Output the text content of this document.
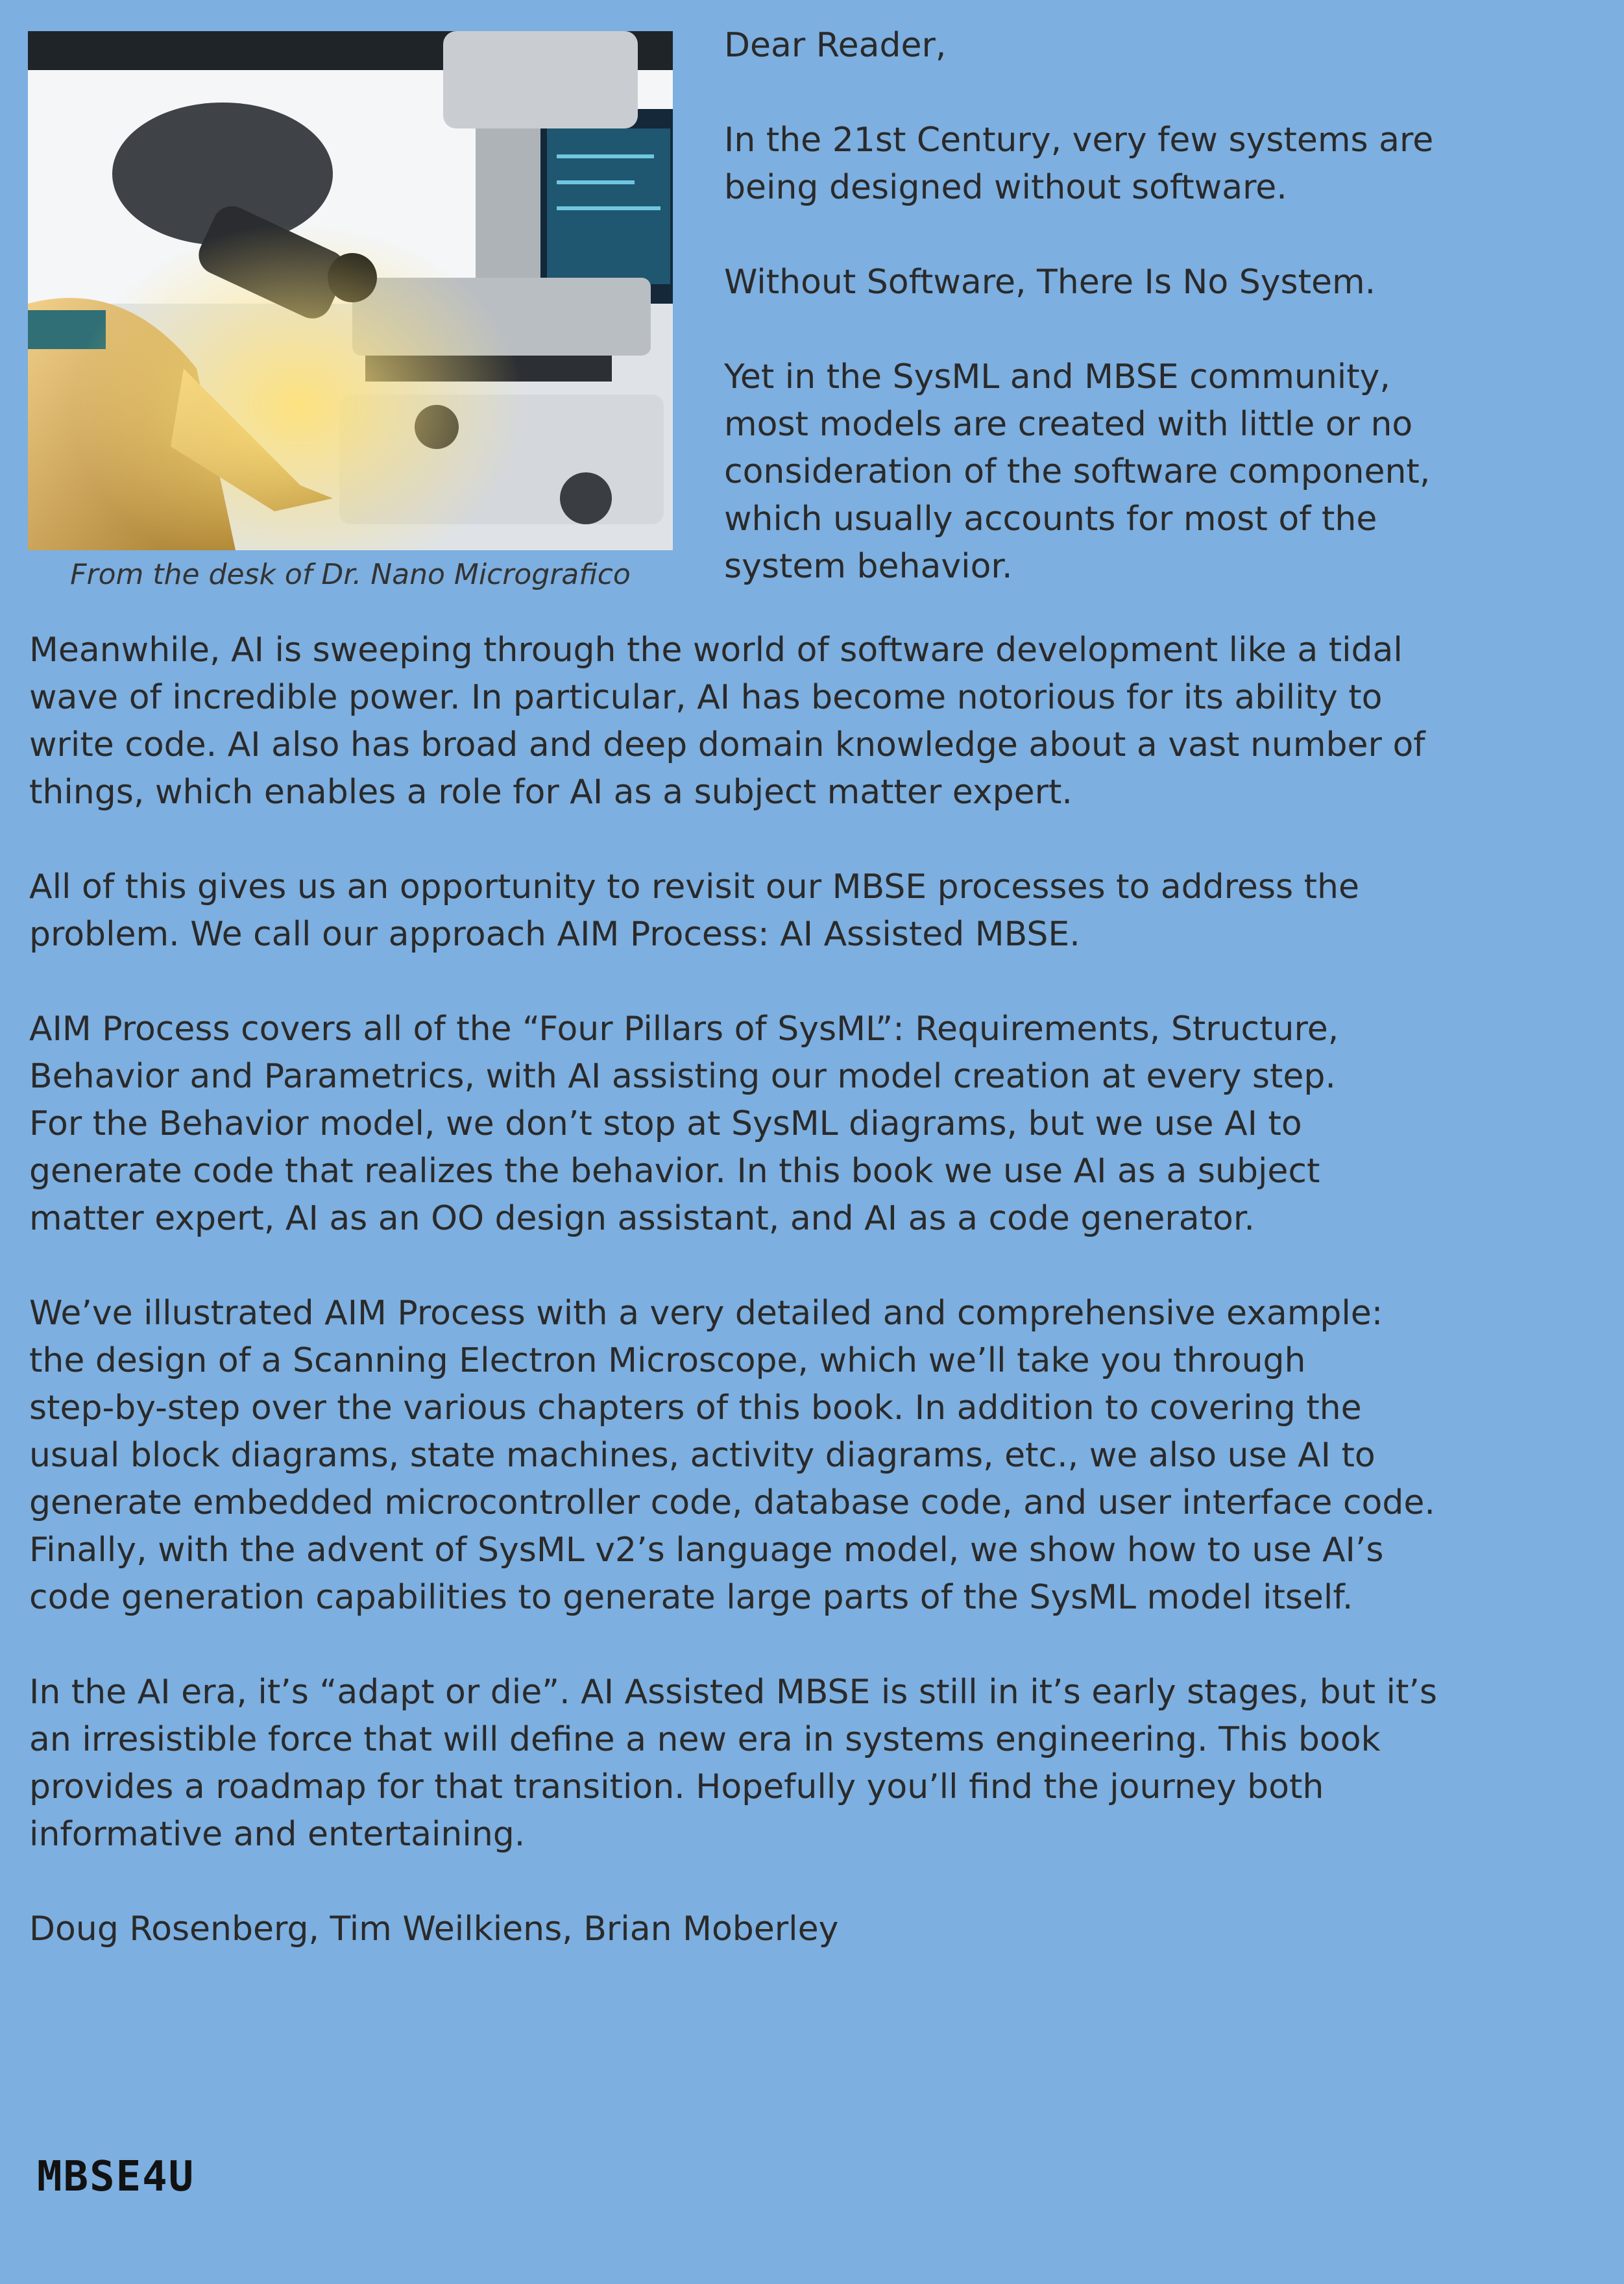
From the desk of Dr. Nano Micrografico

Dear Reader,

In the 21st Century, very few systems are
being designed without software.

Without Software, There Is No System.

Yet in the SysML and MBSE community,
most models are created with little or no
consideration of the software component,
which usually accounts for most of the
system behavior.

Meanwhile, AI is sweeping through the world of software development like a tidal
wave of incredible power. In particular, AI has become notorious for its ability to
write code. AI also has broad and deep domain knowledge about a vast number of
things, which enables a role for AI as a subject matter expert.

All of this gives us an opportunity to revisit our MBSE processes to address the
problem. We call our approach AIM Process: AI Assisted MBSE.

AIM Process covers all of the “Four Pillars of SysML”: Requirements, Structure,
Behavior and Parametrics, with AI assisting our model creation at every step.
For the Behavior model, we don’t stop at SysML diagrams, but we use AI to
generate code that realizes the behavior. In this book we use AI as a subject
matter expert, AI as an OO design assistant, and AI as a code generator.

We’ve illustrated AIM Process with a very detailed and comprehensive example:
the design of a Scanning Electron Microscope, which we’ll take you through
step-by-step over the various chapters of this book. In addition to covering the
usual block diagrams, state machines, activity diagrams, etc., we also use AI to
generate embedded microcontroller code, database code, and user interface code.
Finally, with the advent of SysML v2’s language model, we show how to use AI’s
code generation capabilities to generate large parts of the SysML model itself.

In the AI era, it’s “adapt or die”. AI Assisted MBSE is still in it’s early stages, but it’s
an irresistible force that will define a new era in systems engineering. This book
provides a roadmap for that transition. Hopefully you’ll find the journey both
informative and entertaining.

Doug Rosenberg, Tim Weilkiens, Brian Moberley

MBSE4U
